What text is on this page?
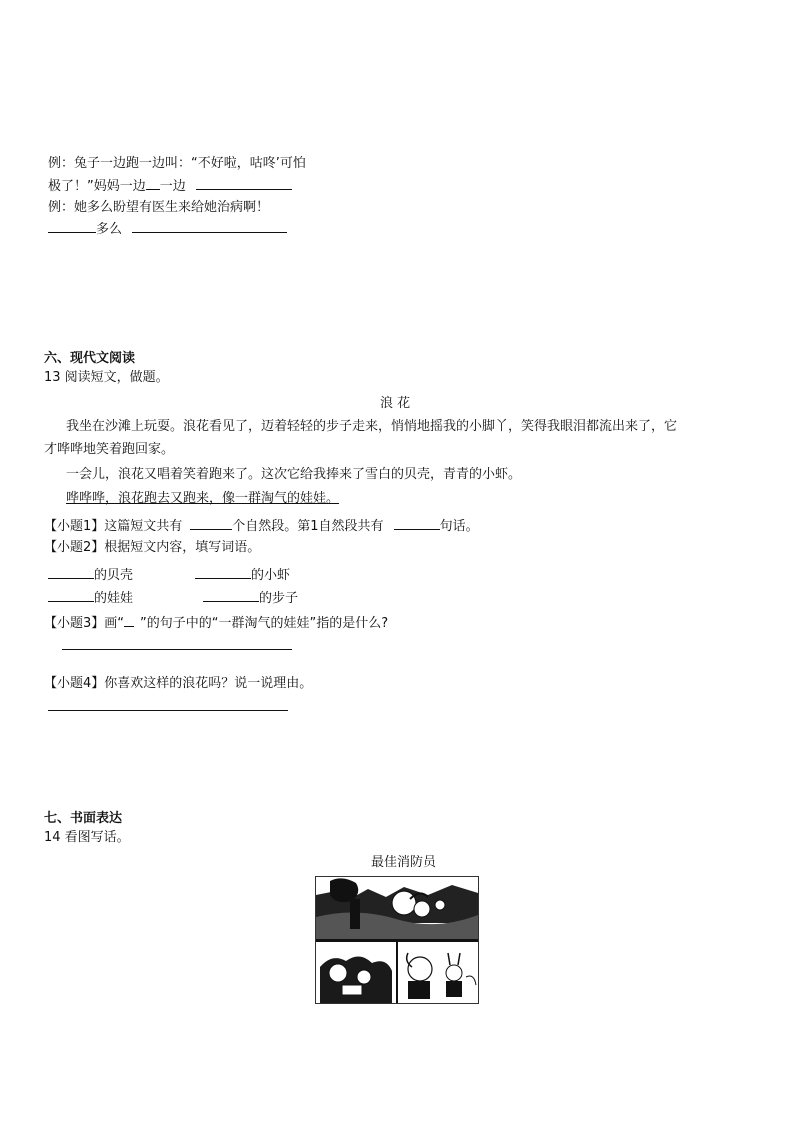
例：兔子一边跑一边叫：“不好啦，咕咚’可怕
极了！”妈妈一边 一边
例：她多么盼望有医生来给她治病啊！
多么
六、现代文阅读
13 阅读短文，做题。
浪 花
我坐在沙滩上玩耍。浪花看见了，迈着轻轻的步子走来，悄悄地摇我的小脚丫，笑得我眼泪都流出来了，它
才哗哗地笑着跑回家。
一会儿，浪花又唱着笑着跑来了。这次它给我捧来了雪白的贝壳，青青的小虾。
哗哗哗，浪花跑去又跑来，像一群淘气的娃娃。
【小题1】这篇短文共有	个自然段。第1自然段共有	句话。
【小题2】根据短文内容，填写词语。
的贝壳	的小虾
的娃娃	的步子
【小题3】画“ ”的句子中的“一群淘气的娃娃”指的是什么?
【小题4】你喜欢这样的浪花吗？说一说理由。
七、书面表达
14 看图写话。
最佳消防员
